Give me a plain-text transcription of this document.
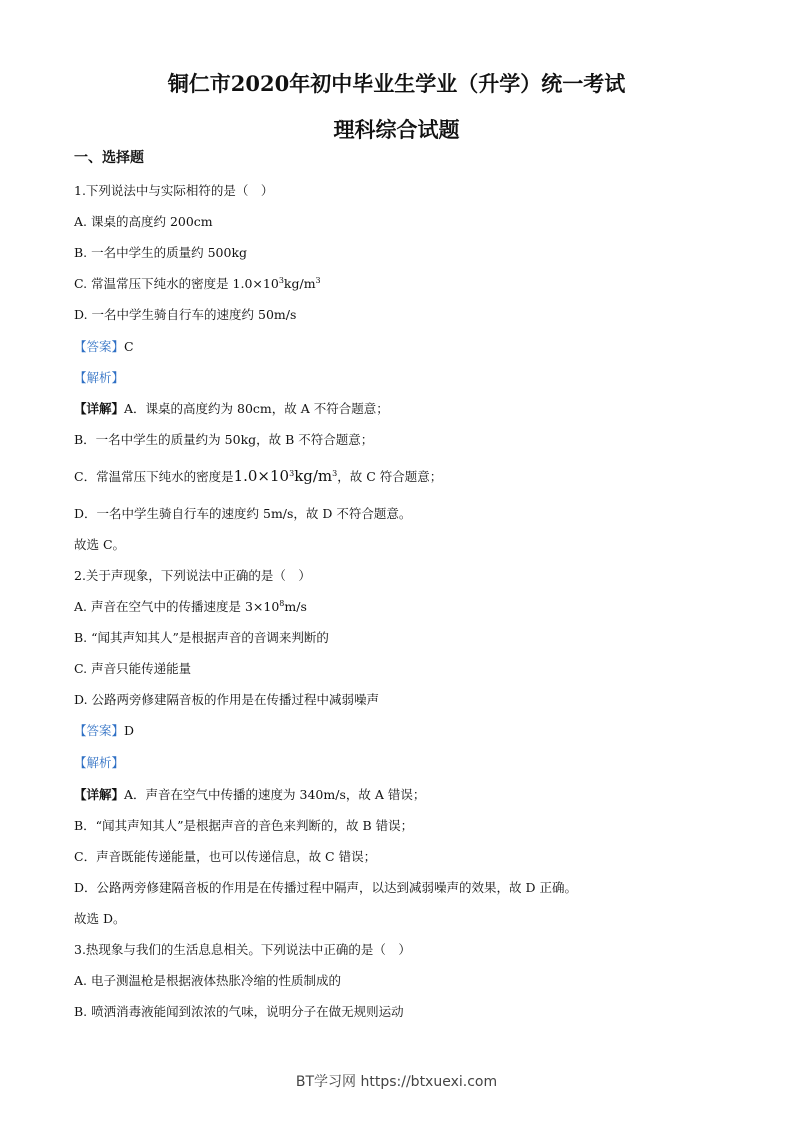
铜仁市2020年初中毕业生学业（升学）统一考试
理科综合试题
一、选择题
1.下列说法中与实际相符的是（　）
A. 课桌的高度约 200cm
B. 一名中学生的质量约 500kg
C. 常温常压下纯水的密度是 $1.0\times 10^3kg/m^3$
D. 一名中学生骑自行车的速度约 50m/s
【答案】C
【解析】
【详解】A．课桌的高度约为 80cm，故 A 不符合题意；
B．一名中学生的质量约为 50kg，故 B 不符合题意；
C．常温常压下纯水的密度是$1.0\times 10^3kg/m^3$，故 C 符合题意；
D．一名中学生骑自行车的速度约 5m/s，故 D 不符合题意。
故选 C。
2.关于声现象，下列说法中正确的是（　）
A. 声音在空气中的传播速度是 $3\times 10^8m/s$
B. “闻其声知其人”是根据声音的音调来判断的
C. 声音只能传递能量
D. 公路两旁修建隔音板的作用是在传播过程中减弱噪声
【答案】D
【解析】
【详解】A．声音在空气中传播的速度为 340m/s，故 A 错误；
B．“闻其声知其人”是根据声音的音色来判断的，故 B 错误；
C．声音既能传递能量，也可以传递信息，故 C 错误；
D．公路两旁修建隔音板的作用是在传播过程中隔声，以达到减弱噪声的效果，故 D 正确。
故选 D。
3.热现象与我们的生活息息相关。下列说法中正确的是（　）
A. 电子测温枪是根据液体热胀冷缩的性质制成的
B. 喷洒消毒液能闻到浓浓的气味，说明分子在做无规则运动
BT学习网 https://btxuexi.com
